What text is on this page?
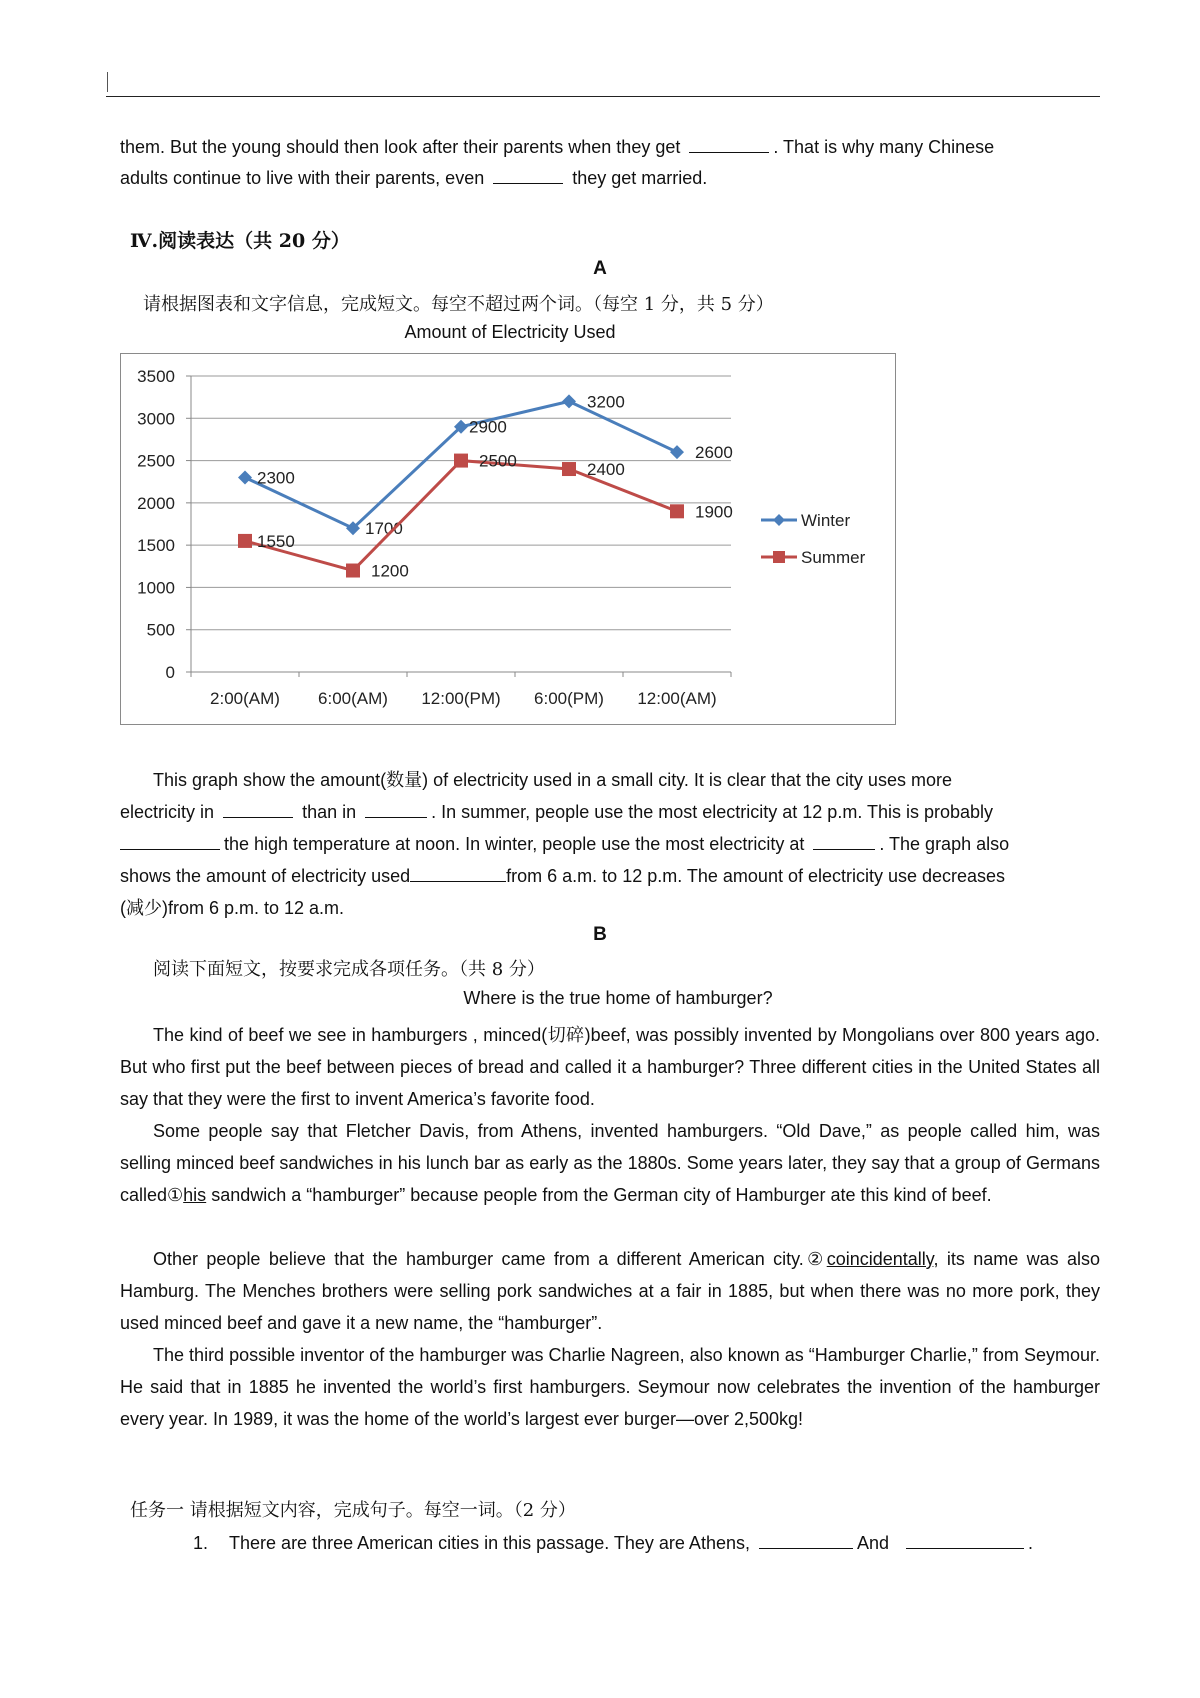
them. But the young should then look after their parents when they get	. That is why many Chinese
adults continue to live with their parents, even	they get married.
Ⅳ.阅读表达（共 20 分）
A
请根据图表和文字信息，完成短文。每空不超过两个词。（每空 1 分，共 5 分）
Amount of Electricity Used
3500
3000
2500
2000
1500
1000
500
0
2:00(AM) 6:00(AM) 12:00(PM) 6:00(PM) 12:00(AM)
2300
1700
2900
3200
2600
1550
1200
2500	2400
1900	Winter
Summer
This graph show the amount(数量) of electricity used in a small city. It is clear that the city uses more
electricity in	than in	. In summer, people use the most electricity at 12 p.m. This is probably
the high temperature at noon. In winter, people use the most electricity at	. The graph also
shows the amount of electricity used	from 6 a.m. to 12 p.m. The amount of electricity use decreases
(减少)from 6 p.m. to 12 a.m.
B
阅读下面短文，按要求完成各项任务。（共 8 分）
Where is the true home of hamburger?
The kind of beef we see in hamburgers , minced(切碎)beef, was possibly invented by Mongolians over 800 years ago. But who first put the beef between pieces of bread and called it a hamburger? Three different cities in the United States all say that they were the first to invent America’s favorite food.
Some people say that Fletcher Davis, from Athens, invented hamburgers. “Old Dave,” as people called him, was selling minced beef sandwiches in his lunch bar as early as the 1880s. Some years later, they say that a group of Germans called①his sandwich a “hamburger” because people from the German city of Hamburger ate this kind of beef.
Other people believe that the hamburger came from a different American city.②coincidentally, its name was also Hamburg. The Menches brothers were selling pork sandwiches at a fair in 1885, but when there was no more pork, they used minced beef and gave it a new name, the “hamburger”.
The third possible inventor of the hamburger was Charlie Nagreen, also known as “Hamburger Charlie,” from Seymour. He said that in 1885 he invented the world’s first hamburgers. Seymour now celebrates the invention of the hamburger every year. In 1989, it was the home of the world’s largest ever burger—over 2,500kg!
任务一 请根据短文内容，完成句子。每空一词。（2 分）
1. There are three American cities in this passage. They are Athens,	And	.
